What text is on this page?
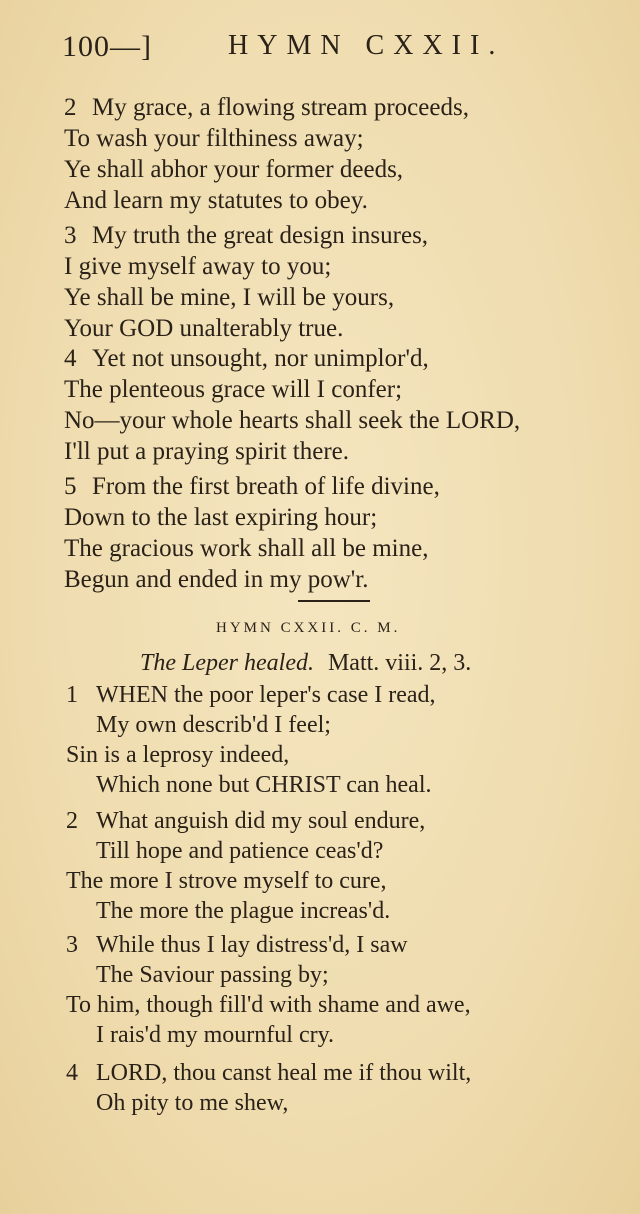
100—]	HYMN CXXII.
2 My grace, a flowing stream proceeds,
To wash your filthiness away;
Ye shall abhor your former deeds,
And learn my statutes to obey.
3 My truth the great design insures,
I give myself away to you;
Ye shall be mine, I will be yours,
Your GOD unalterably true.
4 Yet not unsought, nor unimplor'd,
The plenteous grace will I confer;
No—your whole hearts shall seek the LORD,
I'll put a praying spirit there.
5 From the first breath of life divine,
Down to the last expiring hour;
The gracious work shall all be mine,
Begun and ended in my pow'r.
HYMN CXXII. C. M.
The Leper healed. Matt. viii. 2, 3.
1 WHEN the poor leper's case I read,
My own describ'd I feel;
Sin is a leprosy indeed,
Which none but CHRIST can heal.
2 What anguish did my soul endure,
Till hope and patience ceas'd?
The more I strove myself to cure,
The more the plague increas'd.
3 While thus I lay distress'd, I saw
The Saviour passing by;
To him, though fill'd with shame and awe,
I rais'd my mournful cry.
4 LORD, thou canst heal me if thou wilt,
Oh pity to me shew,
